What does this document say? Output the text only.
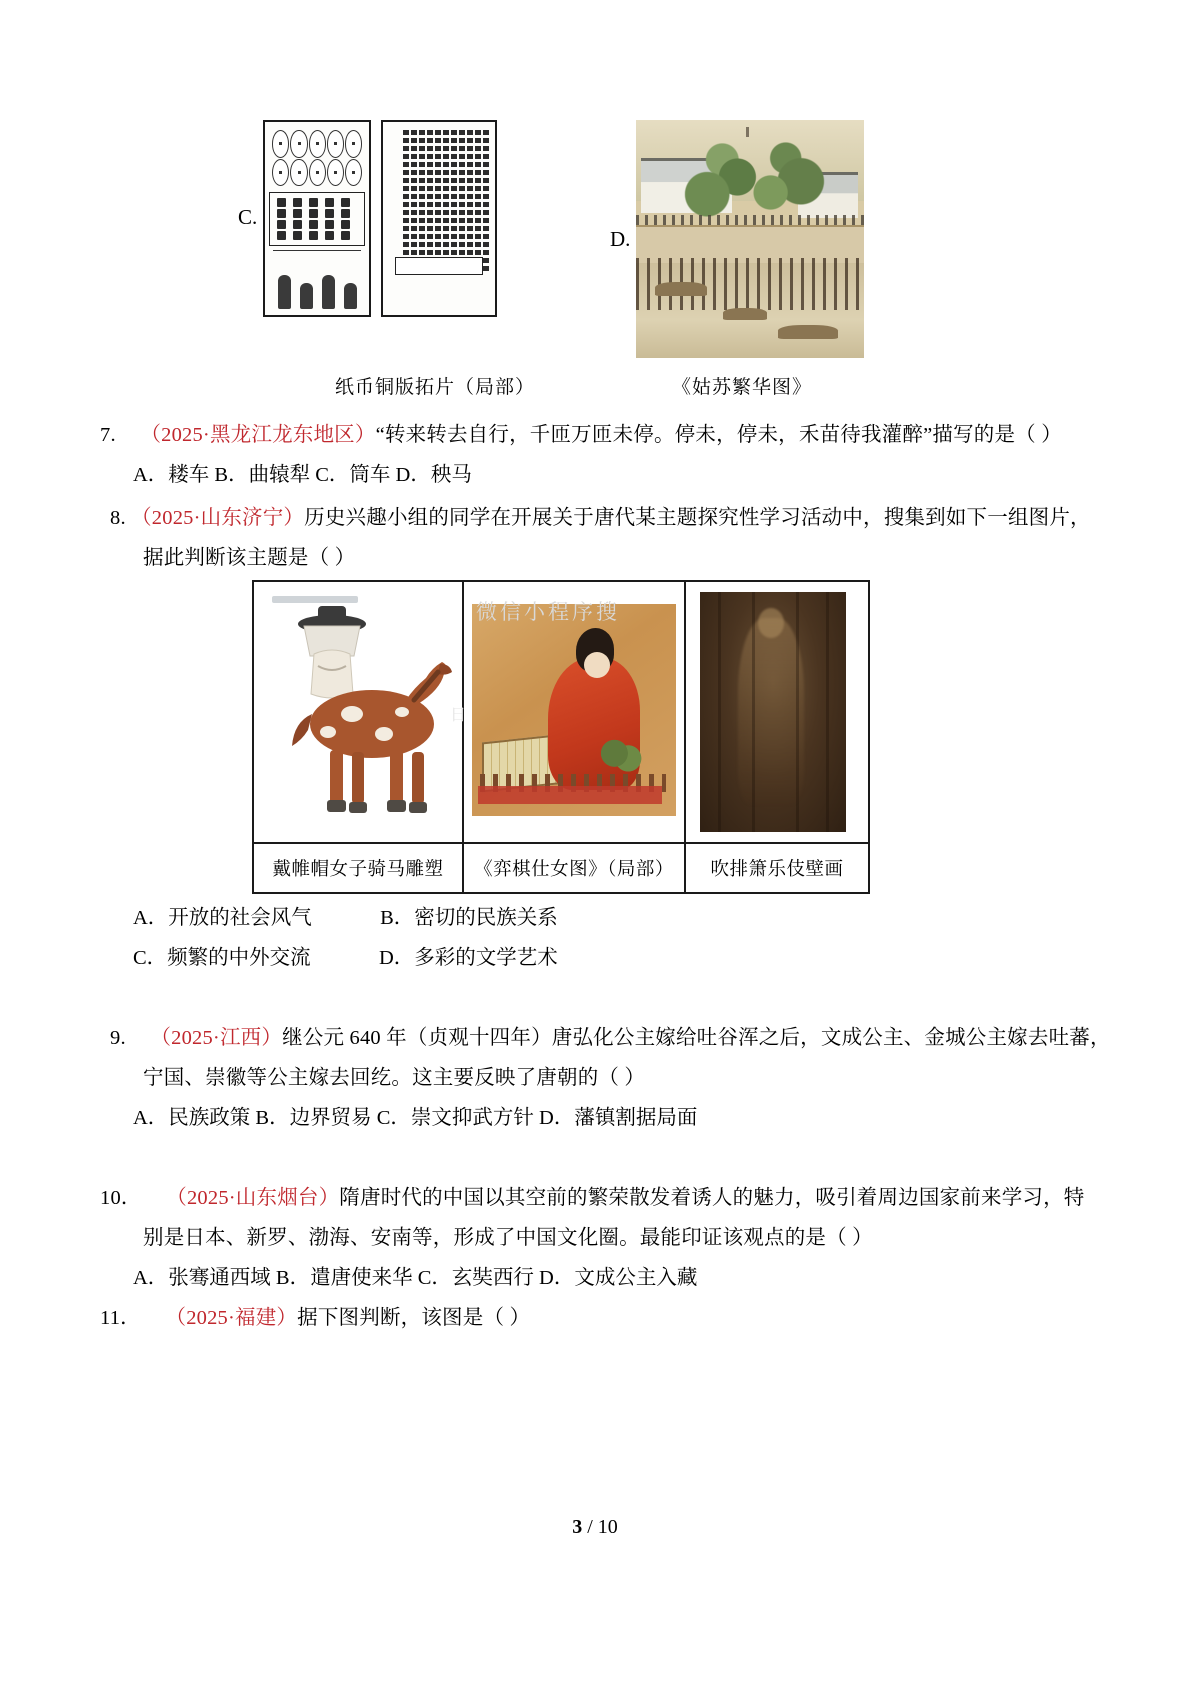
C.
D.
纸币铜版拓片（局部）	《姑苏繁华图》
7. （2025·黑龙江龙东地区）“转来转去自行，千匝万匝未停。停未，停未，禾苗待我灌醉”描写的是（ ）
A．耧车 B．曲辕犁 C．筒车 D．秧马
8. （2025·山东济宁）历史兴趣小组的同学在开展关于唐代某主题探究性学习活动中，搜集到如下一组图片，
据此判断该主题是（ ）
微信小程序搜
日
戴帷帽女子骑马雕塑	《弈棋仕女图》（局部）	吹排箫乐伎壁画
A．开放的社会风气	B．密切的民族关系
C．频繁的中外交流	D．多彩的文学艺术
9. （2025·江西）继公元 640 年（贞观十四年）唐弘化公主嫁给吐谷浑之后，文成公主、金城公主嫁去吐蕃，
宁国、崇徽等公主嫁去回纥。这主要反映了唐朝的（ ）
A．民族政策 B．边界贸易 C．崇文抑武方针 D．藩镇割据局面
10． （2025·山东烟台）隋唐时代的中国以其空前的繁荣散发着诱人的魅力，吸引着周边国家前来学习，特
别是日本、新罗、渤海、安南等，形成了中国文化圈。最能印证该观点的是（ ）
A．张骞通西域 B．遣唐使来华 C．玄奘西行 D．文成公主入藏
11． （2025·福建）据下图判断，该图是（ ）
3 / 10
